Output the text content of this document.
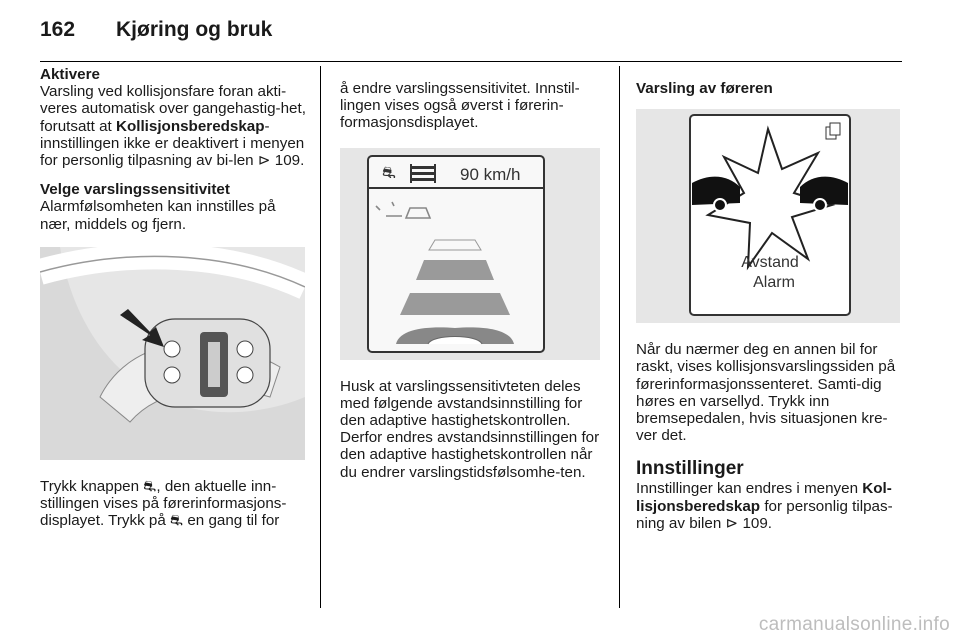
162 Kjøring og bruk

Aktivere

Varsling ved kollisjonsfare foran akti-veres automatisk over gangehastig-het, forutsatt at Kollisjonsberedskap-innstillingen ikke er deaktivert i menyen for personlig tilpasning av bi-len ⊳ 109.

Velge varslingssensitivitet

Alarmfølsomheten kan innstilles på nær, middels og fjern.

Trykk knappen ⛐, den aktuelle inn-stillingen vises på førerinformasjons-displayet. Trykk på ⛐ en gang til for

å endre varslingssensitivitet. Innstil-lingen vises også øverst i førerin-formasjonsdisplayet.

⛐	90 km/h

Husk at varslingssensitivteten deles med følgende avstandsinnstilling for den adaptive hastighetskontrollen. Derfor endres avstandsinnstillingen for den adaptive hastighetskontrollen når du endrer varslingstidsfølsomhe-ten.

Varsling av føreren

Avstand
Alarm

Når du nærmer deg en annen bil for raskt, vises kollisjonsvarslingssiden på førerinformasjonssenteret. Samti-dig høres en varsellyd. Trykk inn bremsepedalen, hvis situasjonen kre-ver det.

Innstillinger

Innstillinger kan endres i menyen Kol-lisjonsberedskap for personlig tilpas-ning av bilen ⊳ 109.

carmanualsonline.info
